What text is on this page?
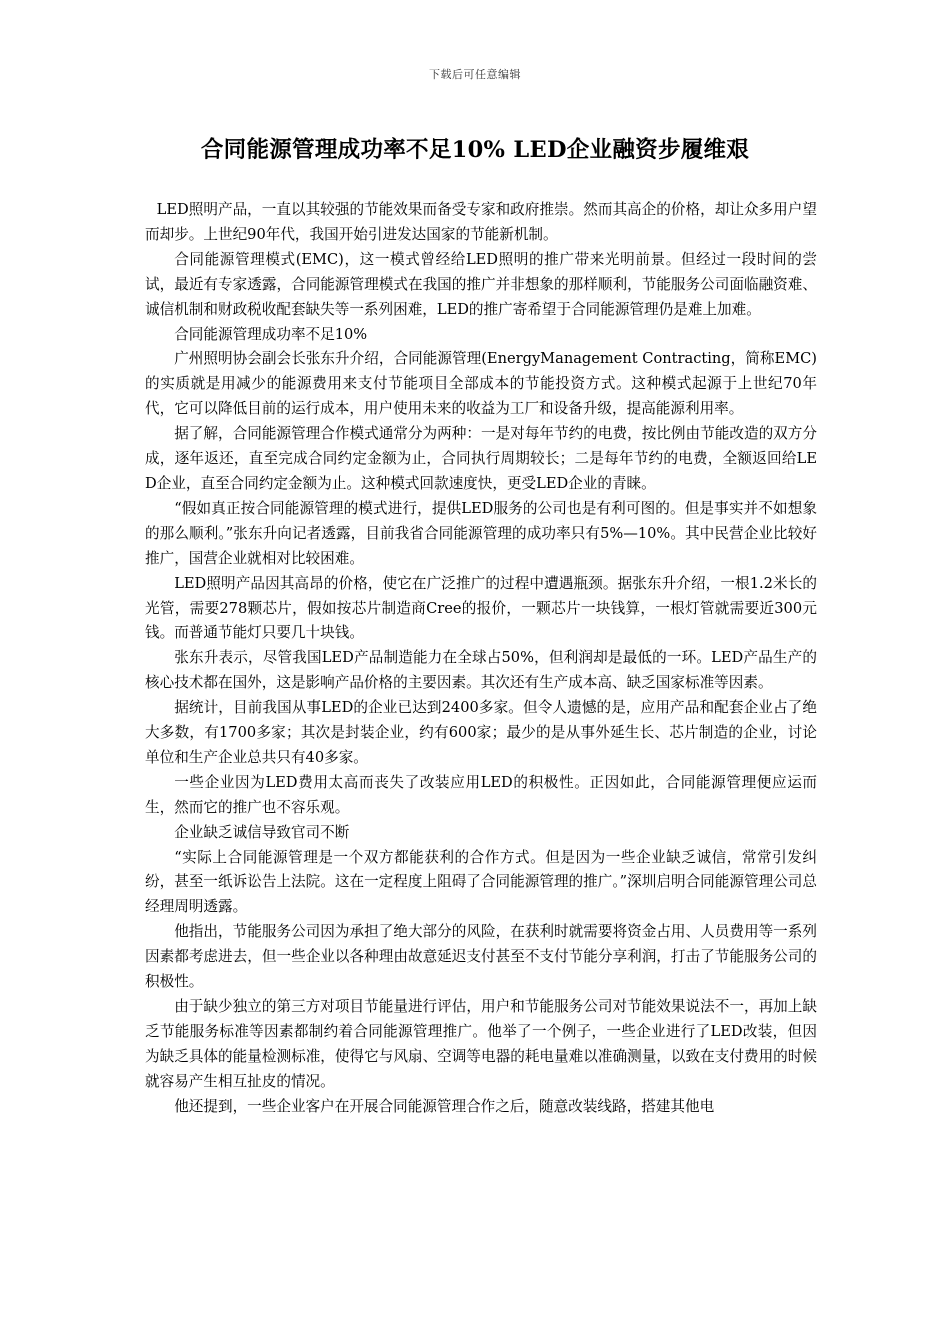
下载后可任意编辑
合同能源管理成功率不足10% LED企业融资步履维艰

LED照明产品，一直以其较强的节能效果而备受专家和政府推崇。然而其高企的价格，却让众多用户望而却步。上世纪90年代，我国开始引进发达国家的节能新机制。

合同能源管理模式(EMC)，这一模式曾经给LED照明的推广带来光明前景。但经过一段时间的尝试，最近有专家透露，合同能源管理模式在我国的推广并非想象的那样顺利，节能服务公司面临融资难、诚信机制和财政税收配套缺失等一系列困难，LED的推广寄希望于合同能源管理仍是难上加难。

合同能源管理成功率不足10%

广州照明协会副会长张东升介绍，合同能源管理(EnergyManagement Contracting，简称EMC)的实质就是用减少的能源费用来支付节能项目全部成本的节能投资方式。这种模式起源于上世纪70年代，它可以降低目前的运行成本，用户使用未来的收益为工厂和设备升级，提高能源利用率。

据了解，合同能源管理合作模式通常分为两种：一是对每年节约的电费，按比例由节能改造的双方分成，逐年返还，直至完成合同约定金额为止，合同执行周期较长；二是每年节约的电费，全额返回给LED企业，直至合同约定金额为止。这种模式回款速度快，更受LED企业的青睐。

“假如真正按合同能源管理的模式进行，提供LED服务的公司也是有利可图的。但是事实并不如想象的那么顺利。”张东升向记者透露，目前我省合同能源管理的成功率只有5%—10%。其中民营企业比较好推广，国营企业就相对比较困难。

LED照明产品因其高昂的价格，使它在广泛推广的过程中遭遇瓶颈。据张东升介绍，一根1.2米长的光管，需要278颗芯片，假如按芯片制造商Cree的报价，一颗芯片一块钱算，一根灯管就需要近300元钱。而普通节能灯只要几十块钱。

张东升表示，尽管我国LED产品制造能力在全球占50%，但利润却是最低的一环。LED产品生产的核心技术都在国外，这是影响产品价格的主要因素。其次还有生产成本高、缺乏国家标准等因素。

据统计，目前我国从事LED的企业已达到2400多家。但令人遗憾的是，应用产品和配套企业占了绝大多数，有1700多家；其次是封装企业，约有600家；最少的是从事外延生长、芯片制造的企业，讨论单位和生产企业总共只有40多家。

一些企业因为LED费用太高而丧失了改装应用LED的积极性。正因如此，合同能源管理便应运而生，然而它的推广也不容乐观。

企业缺乏诚信导致官司不断

“实际上合同能源管理是一个双方都能获利的合作方式。但是因为一些企业缺乏诚信，常常引发纠纷，甚至一纸诉讼告上法院。这在一定程度上阻碍了合同能源管理的推广。”深圳启明合同能源管理公司总经理周明透露。

他指出，节能服务公司因为承担了绝大部分的风险，在获利时就需要将资金占用、人员费用等一系列因素都考虑进去，但一些企业以各种理由故意延迟支付甚至不支付节能分享利润，打击了节能服务公司的积极性。

由于缺少独立的第三方对项目节能量进行评估，用户和节能服务公司对节能效果说法不一，再加上缺乏节能服务标准等因素都制约着合同能源管理推广。他举了一个例子，一些企业进行了LED改装，但因为缺乏具体的能量检测标准，使得它与风扇、空调等电器的耗电量难以准确测量，以致在支付费用的时候就容易产生相互扯皮的情况。

他还提到，一些企业客户在开展合同能源管理合作之后，随意改装线路，搭建其他电
